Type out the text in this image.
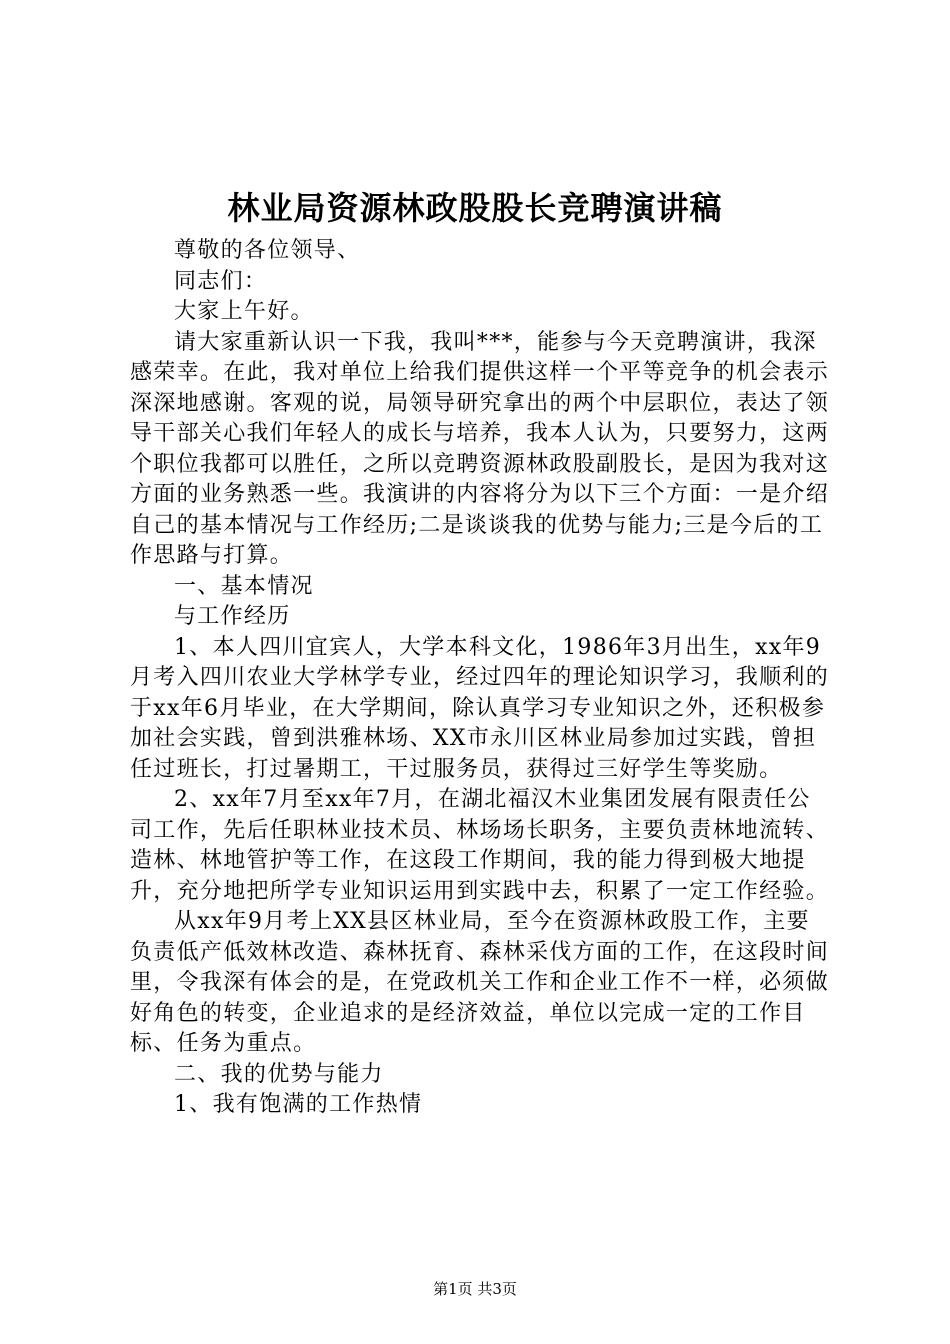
林业局资源林政股股长竞聘演讲稿

尊敬的各位领导、

同志们：

大家上午好。

请大家重新认识一下我，我叫***，能参与今天竞聘演讲，我深感荣幸。在此，我对单位上给我们提供这样一个平等竞争的机会表示深深地感谢。客观的说，局领导研究拿出的两个中层职位，表达了领导干部关心我们年轻人的成长与培养，我本人认为，只要努力，这两个职位我都可以胜任，之所以竞聘资源林政股副股长，是因为我对这方面的业务熟悉一些。我演讲的内容将分为以下三个方面：一是介绍自己的基本情况与工作经历;二是谈谈我的优势与能力;三是今后的工作思路与打算。

一、基本情况

与工作经历

1、本人四川宜宾人，大学本科文化，1986年3月出生，xx年9月考入四川农业大学林学专业，经过四年的理论知识学习，我顺利的于xx年6月毕业，在大学期间，除认真学习专业知识之外，还积极参加社会实践，曾到洪雅林场、XX市永川区林业局参加过实践，曾担任过班长，打过暑期工，干过服务员，获得过三好学生等奖励。

2、xx年7月至xx年7月，在湖北福汉木业集团发展有限责任公司工作，先后任职林业技术员、林场场长职务，主要负责林地流转、造林、林地管护等工作，在这段工作期间，我的能力得到极大地提升，充分地把所学专业知识运用到实践中去，积累了一定工作经验。

从xx年9月考上XX县区林业局，至今在资源林政股工作，主要负责低产低效林改造、森林抚育、森林采伐方面的工作，在这段时间里，令我深有体会的是，在党政机关工作和企业工作不一样，必须做好角色的转变，企业追求的是经济效益，单位以完成一定的工作目标、任务为重点。

二、我的优势与能力

1、我有饱满的工作热情

第1页 共3页
